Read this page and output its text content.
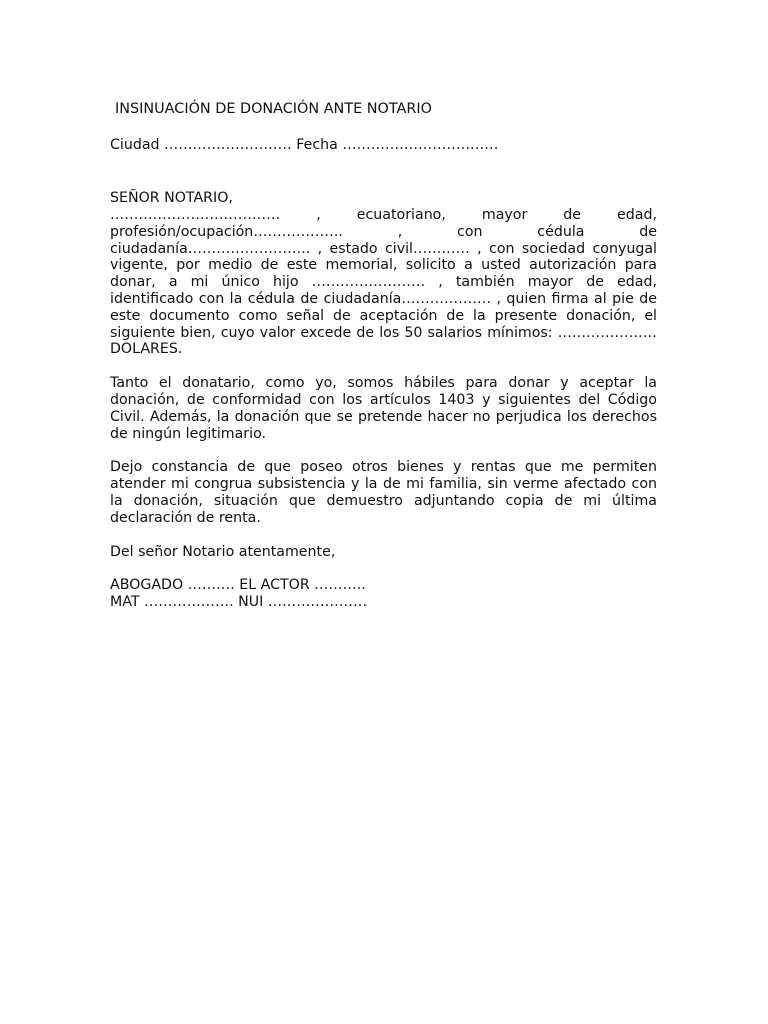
INSINUACIÓN DE DONACIÓN ANTE NOTARIO
Ciudad ……………………… Fecha ……………………………
SEÑOR NOTARIO,

……………………………… , ecuatoriano, mayor de edad, profesión/ocupación………………. , con cédula de ciudadanía…………………….. , estado civil………… , con sociedad conyugal vigente, por medio de este memorial, solicito a usted autorización para donar, a mi único hijo …………………… , también mayor de edad, identificado con la cédula de ciudadanía………………. , quien firma al pie de este documento como señal de aceptación de la presente donación, el siguiente bien, cuyo valor excede de los 50 salarios mínimos: ………………… DOLARES.

Tanto el donatario, como yo, somos hábiles para donar y aceptar la donación, de conformidad con los artículos 1403 y siguientes del Código Civil. Además, la donación que se pretende hacer no perjudica los derechos de ningún legitimario.

Dejo constancia de que poseo otros bienes y rentas que me permiten atender mi congrua subsistencia y la de mi familia, sin verme afectado con la donación, situación que demuestro adjuntando copia de mi última declaración de renta.

Del señor Notario atentamente,
ABOGADO ………. EL ACTOR ………..
MAT ………………. NUI …………………
